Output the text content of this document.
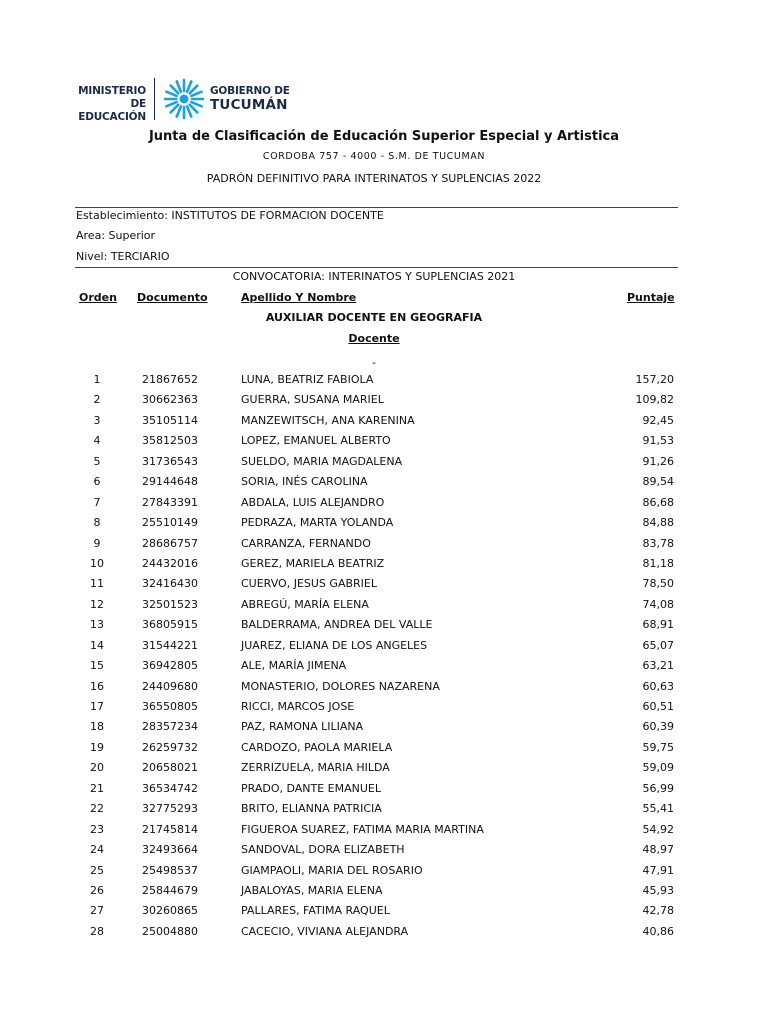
MINISTERIO DE
EDUCACIÓN
GOBIERNO DE
TUCUMÁN
Junta de Clasificación de Educación Superior Especial y Artistica
CORDOBA 757 - 4000 - S.M. DE TUCUMAN
PADRÓN DEFINITIVO PARA INTERINATOS Y SUPLENCIAS 2022
Establecimiento: INSTITUTOS DE FORMACION DOCENTE
Area: Superior
Nivel: TERCIARIO
CONVOCATORIA: INTERINATOS Y SUPLENCIAS 2021
Orden Documento	Apellido Y Nombre	Puntaje
AUXILIAR DOCENTE EN GEOGRAFIA
Docente
-
1	21867652	LUNA, BEATRIZ FABIOLA	157,20
2	30662363	GUERRA, SUSANA MARIEL	109,82
3	35105114	MANZEWITSCH, ANA KARENINA	92,45
4	35812503	LOPEZ, EMANUEL ALBERTO	91,53
5	31736543	SUELDO, MARIA MAGDALENA	91,26
6	29144648	SORIA, INÉS CAROLINA	89,54
7	27843391	ABDALA, LUIS ALEJANDRO	86,68
8	25510149	PEDRAZA, MARTA YOLANDA	84,88
9	28686757	CARRANZA, FERNANDO	83,78
10	24432016	GEREZ, MARIELA BEATRIZ	81,18
11	32416430	CUERVO, JESUS GABRIEL	78,50
12	32501523	ABREGÚ, MARÍA ELENA	74,08
13	36805915	BALDERRAMA, ANDREA DEL VALLE	68,91
14	31544221	JUAREZ, ELIANA DE LOS ANGELES	65,07
15	36942805	ALE, MARÍA JIMENA	63,21
16	24409680	MONASTERIO, DOLORES NAZARENA	60,63
17	36550805	RICCI, MARCOS JOSE	60,51
18	28357234	PAZ, RAMONA LILIANA	60,39
19	26259732	CARDOZO, PAOLA MARIELA	59,75
20	20658021	ZERRIZUELA, MARIA HILDA	59,09
21	36534742	PRADO, DANTE EMANUEL	56,99
22	32775293	BRITO, ELIANNA PATRICIA	55,41
23	21745814	FIGUEROA SUAREZ, FATIMA MARIA MARTINA	54,92
24	32493664	SANDOVAL, DORA ELIZABETH	48,97
25	25498537	GIAMPAOLI, MARIA DEL ROSARIO	47,91
26	25844679	JABALOYAS, MARIA ELENA	45,93
27	30260865	PALLARES, FATIMA RAQUEL	42,78
28	25004880	CACECIO, VIVIANA ALEJANDRA	40,86
